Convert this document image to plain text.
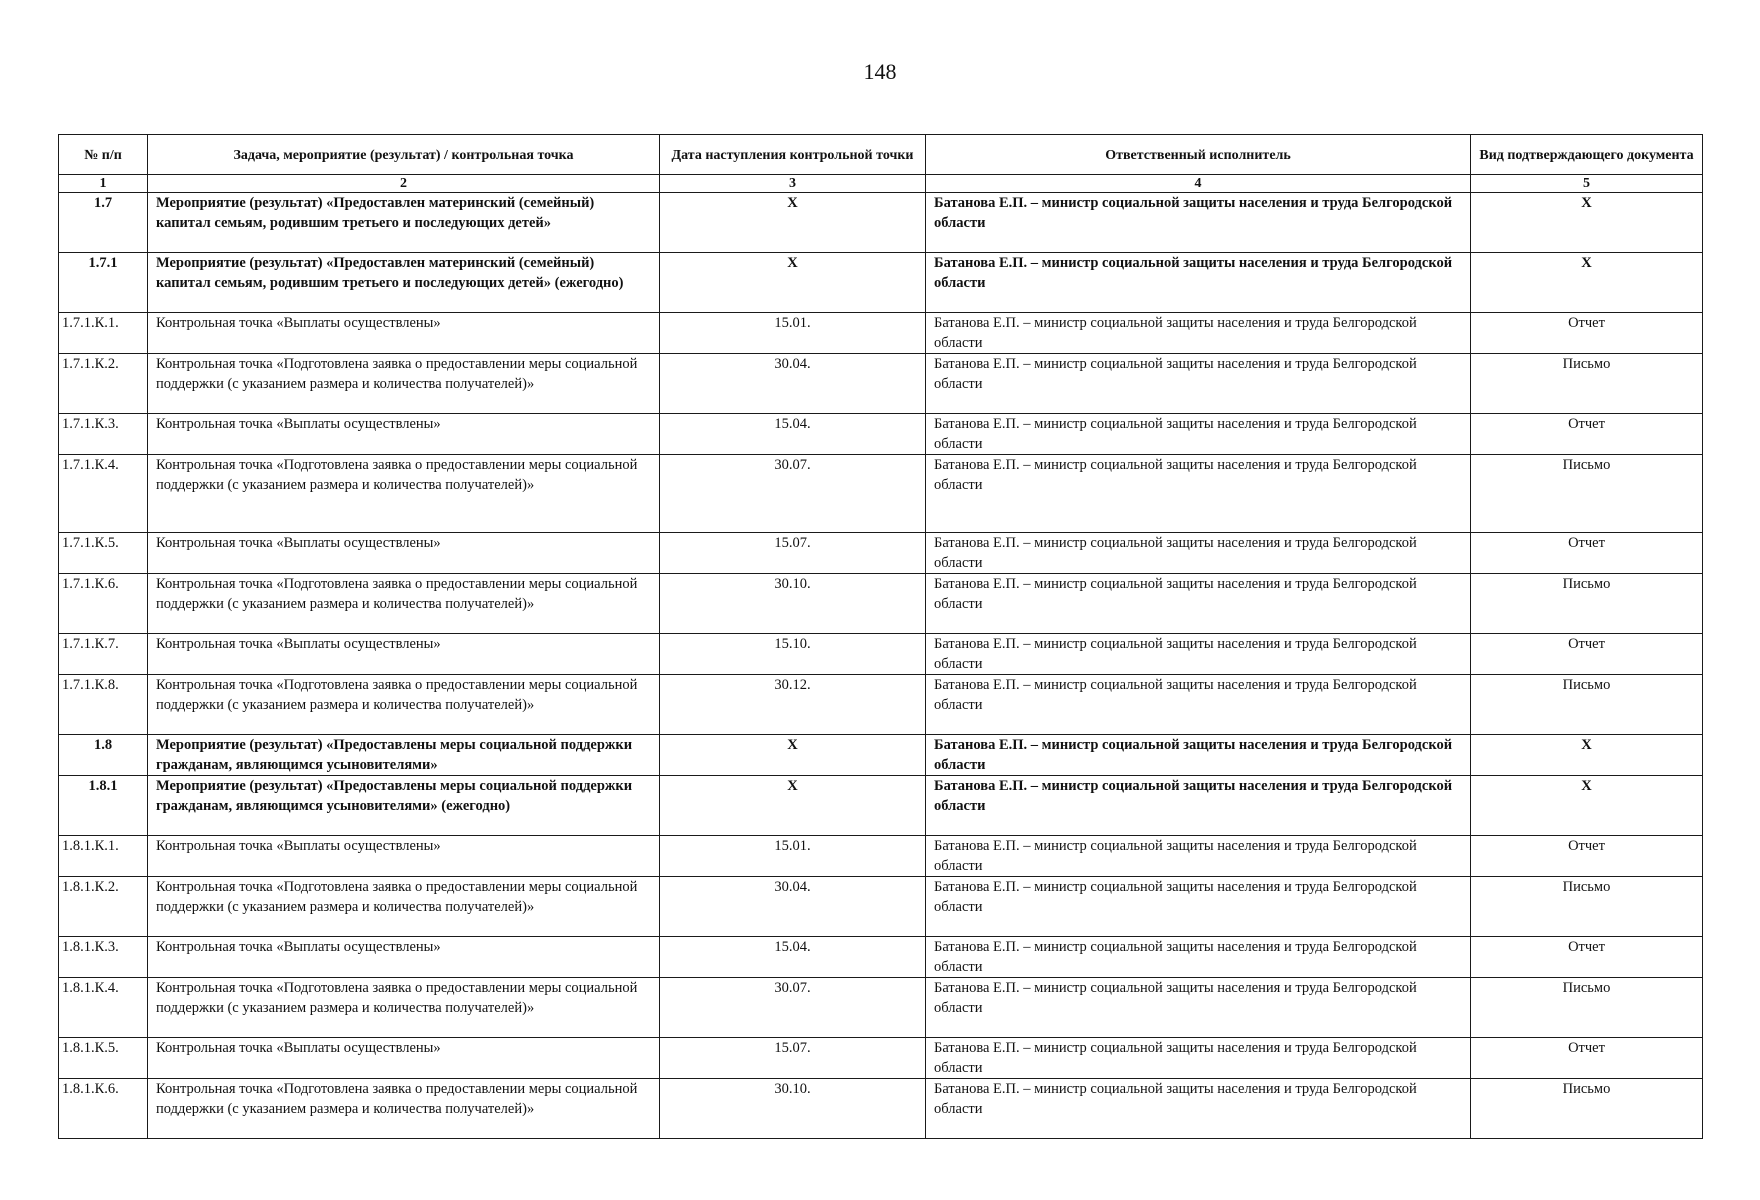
148
№ п/п	Задача, мероприятие (результат) / контрольная точка	Дата наступления контрольной точки	Ответственный исполнитель	Вид подтверждающего документа
1	2	3	4	5
1.7	Мероприятие (результат) «Предоставлен материнский (семейный) капитал семьям, родившим третьего и последующих детей»	Х	Батанова Е.П. – министр социальной защиты населения и труда Белгородской области	Х
1.7.1	Мероприятие (результат) «Предоставлен материнский (семейный) капитал семьям, родившим третьего и последующих детей» (ежегодно)	Х	Батанова Е.П. – министр социальной защиты населения и труда Белгородской области	Х
1.7.1.К.1.	Контрольная точка «Выплаты осуществлены»	15.01.	Батанова Е.П. – министр социальной защиты населения и труда Белгородской области	Отчет
1.7.1.К.2.	Контрольная точка «Подготовлена заявка о предоставлении меры социальной поддержки (с указанием размера и количества получателей)»	30.04.	Батанова Е.П. – министр социальной защиты населения и труда Белгородской области	Письмо
1.7.1.К.3.	Контрольная точка «Выплаты осуществлены»	15.04.	Батанова Е.П. – министр социальной защиты населения и труда Белгородской области	Отчет
1.7.1.К.4.	Контрольная точка «Подготовлена заявка о предоставлении меры социальной поддержки (с указанием размера и количества получателей)»	30.07.	Батанова Е.П. – министр социальной защиты населения и труда Белгородской области	Письмо
1.7.1.К.5.	Контрольная точка «Выплаты осуществлены»	15.07.	Батанова Е.П. – министр социальной защиты населения и труда Белгородской области	Отчет
1.7.1.К.6.	Контрольная точка «Подготовлена заявка о предоставлении меры социальной поддержки (с указанием размера и количества получателей)»	30.10.	Батанова Е.П. – министр социальной защиты населения и труда Белгородской области	Письмо
1.7.1.К.7.	Контрольная точка «Выплаты осуществлены»	15.10.	Батанова Е.П. – министр социальной защиты населения и труда Белгородской области	Отчет
1.7.1.К.8.	Контрольная точка «Подготовлена заявка о предоставлении меры социальной поддержки (с указанием размера и количества получателей)»	30.12.	Батанова Е.П. – министр социальной защиты населения и труда Белгородской области	Письмо
1.8	Мероприятие (результат) «Предоставлены меры социальной поддержки гражданам, являющимся усыновителями»	Х	Батанова Е.П. – министр социальной защиты населения и труда Белгородской области	Х
1.8.1	Мероприятие (результат) «Предоставлены меры социальной поддержки гражданам, являющимся усыновителями» (ежегодно)	Х	Батанова Е.П. – министр социальной защиты населения и труда Белгородской области	Х
1.8.1.К.1.	Контрольная точка «Выплаты осуществлены»	15.01.	Батанова Е.П. – министр социальной защиты населения и труда Белгородской области	Отчет
1.8.1.К.2.	Контрольная точка «Подготовлена заявка о предоставлении меры социальной поддержки (с указанием размера и количества получателей)»	30.04.	Батанова Е.П. – министр социальной защиты населения и труда Белгородской области	Письмо
1.8.1.К.3.	Контрольная точка «Выплаты осуществлены»	15.04.	Батанова Е.П. – министр социальной защиты населения и труда Белгородской области	Отчет
1.8.1.К.4.	Контрольная точка «Подготовлена заявка о предоставлении меры социальной поддержки (с указанием размера и количества получателей)»	30.07.	Батанова Е.П. – министр социальной защиты населения и труда Белгородской области	Письмо
1.8.1.К.5.	Контрольная точка «Выплаты осуществлены»	15.07.	Батанова Е.П. – министр социальной защиты населения и труда Белгородской области	Отчет
1.8.1.К.6.	Контрольная точка «Подготовлена заявка о предоставлении меры социальной поддержки (с указанием размера и количества получателей)»	30.10.	Батанова Е.П. – министр социальной защиты населения и труда Белгородской области	Письмо
